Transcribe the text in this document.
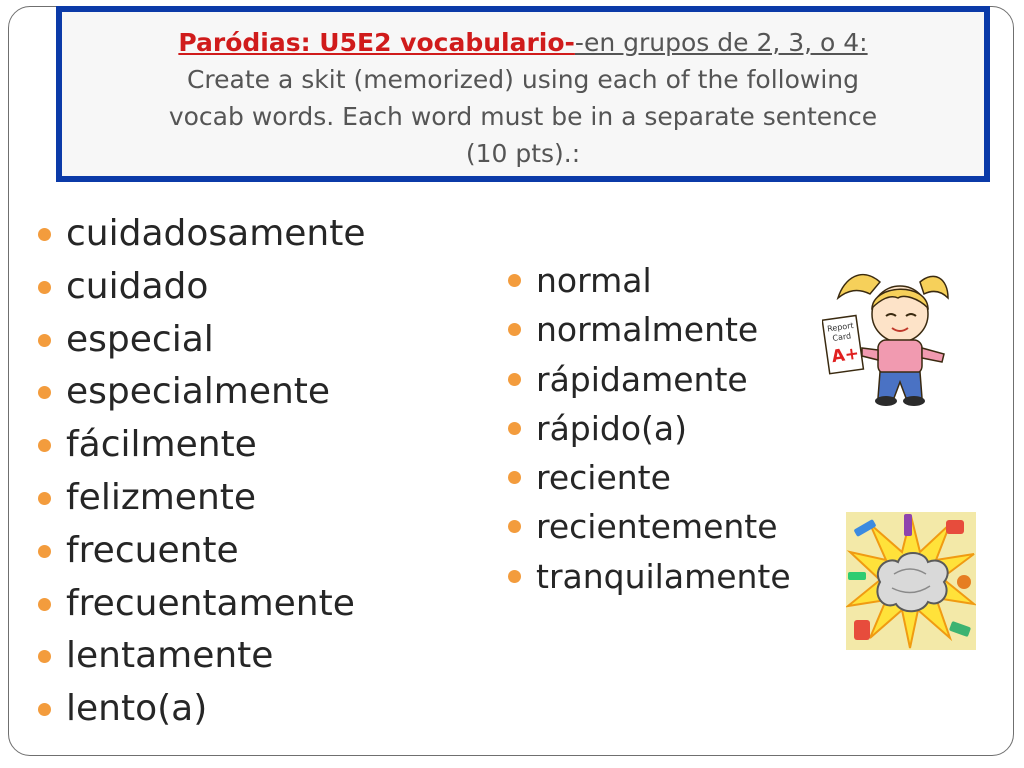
Paródias: U5E2 vocabulario--en grupos de 2, 3, o 4:
Create a skit (memorized) using each of the following
vocab words. Each word must be in a separate sentence
(10 pts).:
cuidadosamente
cuidado
especial
especialmente
fácilmente
felizmente
frecuente
frecuentamente
lentamente
lento(a)
normal
normalmente
rápidamente
rápido(a)
reciente
recientemente
tranquilamente
Report
Card
A+
